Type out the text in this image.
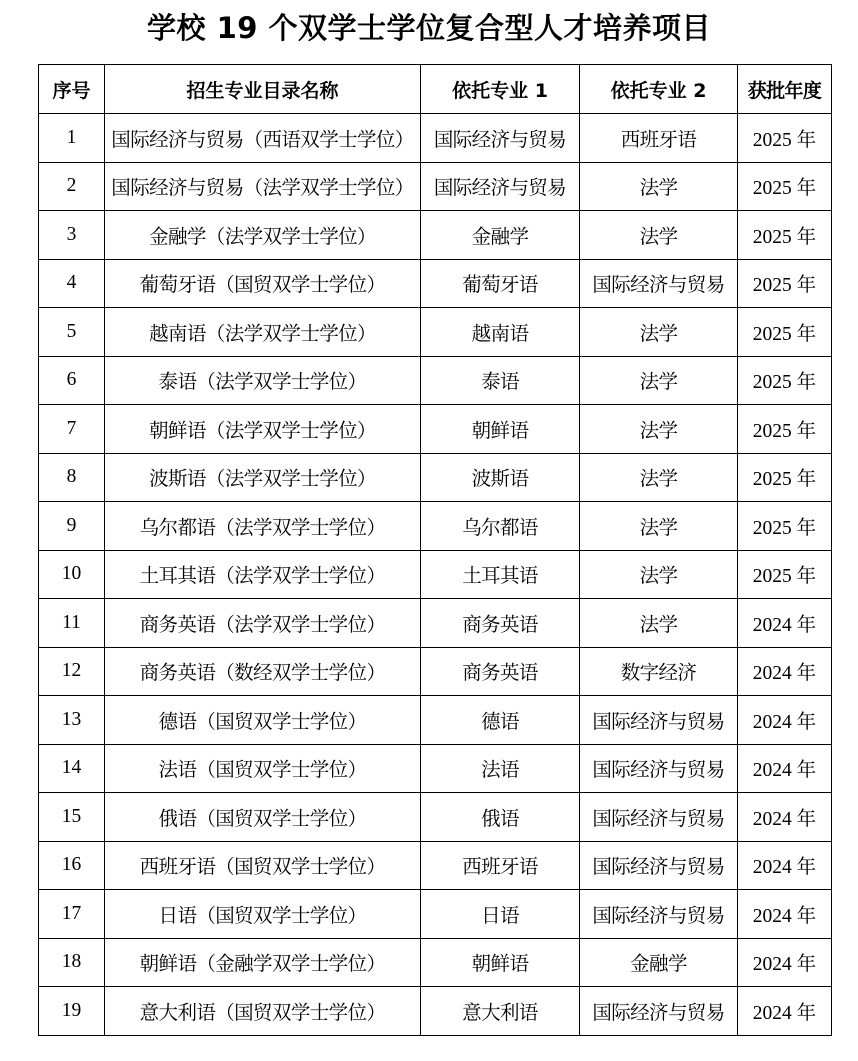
学校 19 个双学士学位复合型人才培养项目
序号	招生专业目录名称	依托专业 1	依托专业 2	获批年度
1	国际经济与贸易（西语双学士学位）	国际经济与贸易	西班牙语	2025 年
2	国际经济与贸易（法学双学士学位）	国际经济与贸易	法学	2025 年
3	金融学（法学双学士学位）	金融学	法学	2025 年
4	葡萄牙语（国贸双学士学位）	葡萄牙语	国际经济与贸易	2025 年
5	越南语（法学双学士学位）	越南语	法学	2025 年
6	泰语（法学双学士学位）	泰语	法学	2025 年
7	朝鲜语（法学双学士学位）	朝鲜语	法学	2025 年
8	波斯语（法学双学士学位）	波斯语	法学	2025 年
9	乌尔都语（法学双学士学位）	乌尔都语	法学	2025 年
10	土耳其语（法学双学士学位）	土耳其语	法学	2025 年
11	商务英语（法学双学士学位）	商务英语	法学	2024 年
12	商务英语（数经双学士学位）	商务英语	数字经济	2024 年
13	德语（国贸双学士学位）	德语	国际经济与贸易	2024 年
14	法语（国贸双学士学位）	法语	国际经济与贸易	2024 年
15	俄语（国贸双学士学位）	俄语	国际经济与贸易	2024 年
16	西班牙语（国贸双学士学位）	西班牙语	国际经济与贸易	2024 年
17	日语（国贸双学士学位）	日语	国际经济与贸易	2024 年
18	朝鲜语（金融学双学士学位）	朝鲜语	金融学	2024 年
19	意大利语（国贸双学士学位）	意大利语	国际经济与贸易	2024 年
